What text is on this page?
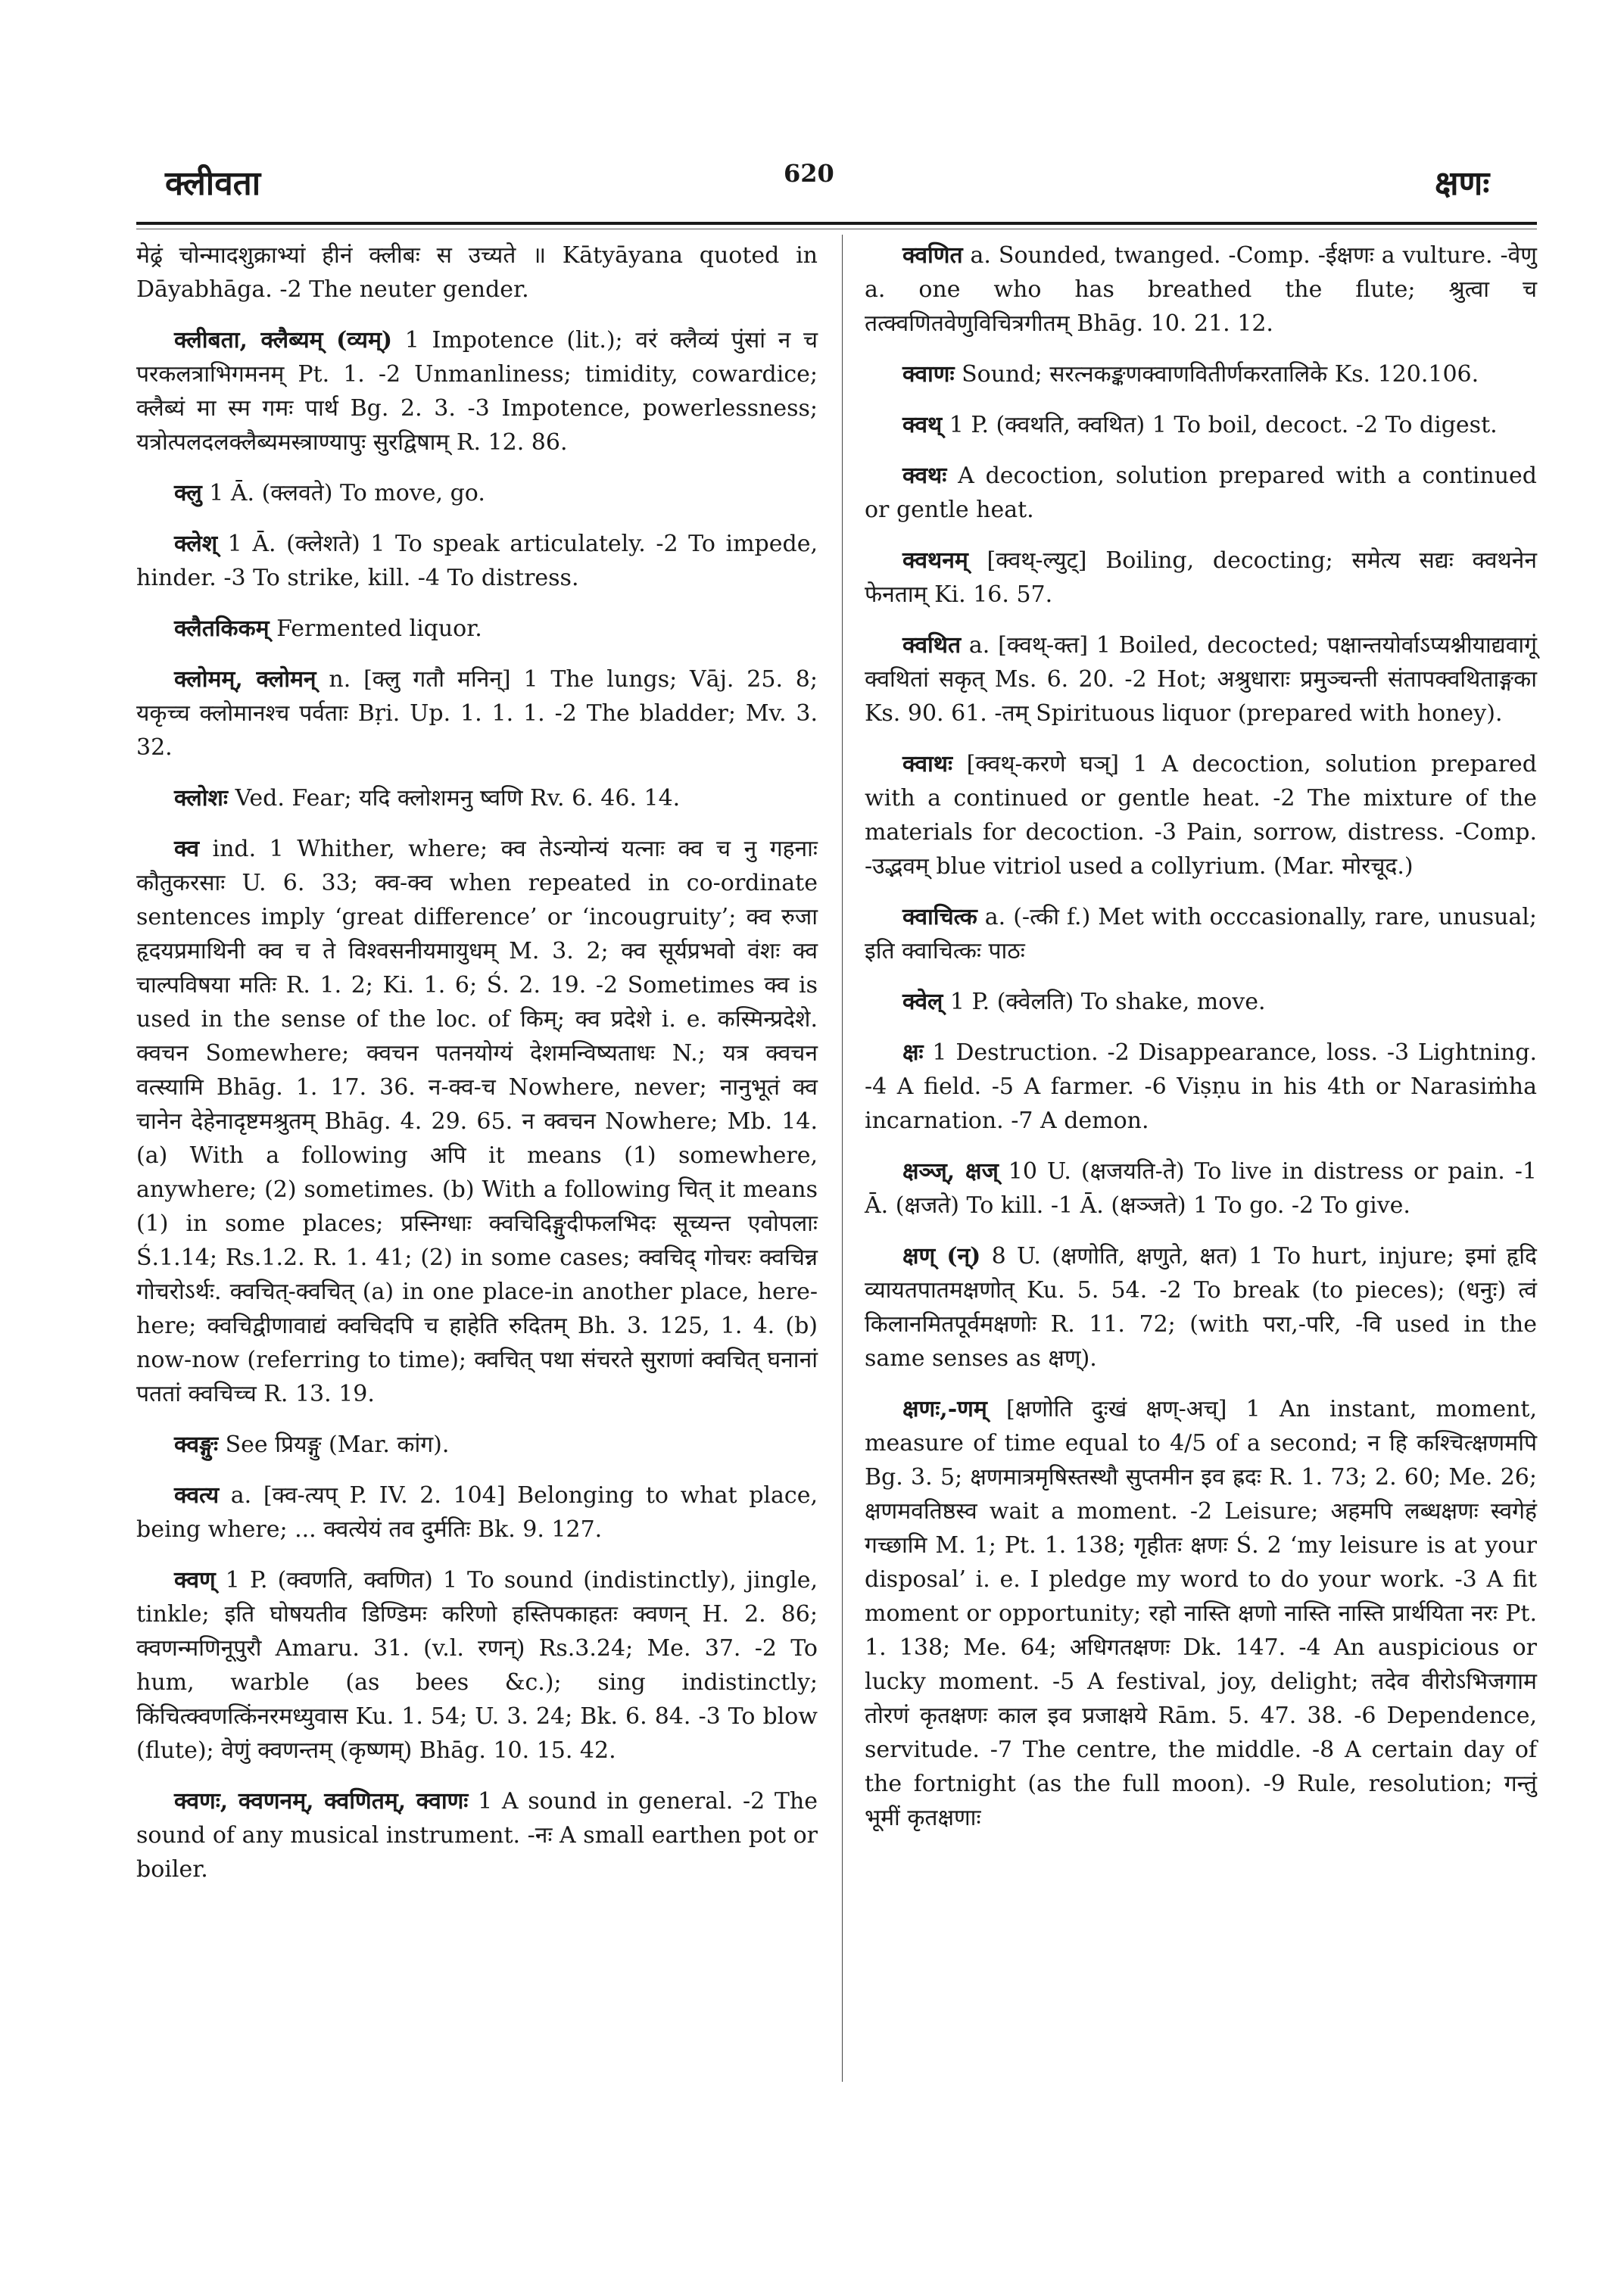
क्लीवता	620	क्षणः

मेढ्रं चोन्मादशुक्राभ्यां हीनं क्लीबः स उच्यते ॥ Kātyāyana quoted in Dāyabhāga. -2 The neuter gender.

क्लीबता, क्लैब्यम् (व्यम्) 1 Impotence (lit.); वरं क्लैव्यं पुंसां न च परकलत्राभिगमनम् Pt. 1. -2 Unmanliness; timidity, cowardice; क्लैब्यं मा स्म गमः पार्थ Bg. 2. 3. -3 Impotence, powerlessness; यत्रोत्पलदलक्लैब्यमस्त्राण्यापुः सुरद्विषाम् R. 12. 86.

क्लु 1 Ā. (क्लवते) To move, go.

क्लेश् 1 Ā. (क्लेशते) 1 To speak articulately. -2 To impede, hinder. -3 To strike, kill. -4 To distress.

क्लैतकिकम् Fermented liquor.

क्लोमम्, क्लोमन् n. [क्लु गतौ मनिन्] 1 The lungs; Vāj. 25. 8; यकृच्च क्लोमानश्च पर्वताः Bṛi. Up. 1. 1. 1. -2 The bladder; Mv. 3. 32.

क्लोशः Ved. Fear; यदि क्लोशमनु ष्वणि Rv. 6. 46. 14.

क्व ind. 1 Whither, where; क्व तेऽन्योन्यं यत्नाः क्व च नु गहनाः कौतुकरसाः U. 6. 33; क्व-क्व when repeated in co-ordinate sentences imply ‘great difference’ or ‘incougruity’; क्व रुजा हृदयप्रमाथिनी क्व च ते विश्वसनीयमायुधम् M. 3. 2; क्व सूर्यप्रभवो वंशः क्व चाल्पविषया मतिः R. 1. 2; Ki. 1. 6; Ś. 2. 19. -2 Sometimes क्व is used in the sense of the loc. of किम्; क्व प्रदेशे i. e. कस्मिन्प्रदेशे. क्वचन Somewhere; क्वचन पतनयोग्यं देशमन्विष्यताधः N.; यत्र क्वचन वत्स्यामि Bhāg. 1. 17. 36. न-क्व-च Nowhere, never; नानुभूतं क्व चानेन देहेनादृष्टमश्रुतम् Bhāg. 4. 29. 65. न क्वचन Nowhere; Mb. 14. (a) With a following अपि it means (1) somewhere, anywhere; (2) sometimes. (b) With a following चित् it means (1) in some places; प्रस्निग्धाः क्वचिदिङ्गुदीफलभिदः सूच्यन्त एवोपलाः Ś.1.14; Rs.1.2. R. 1. 41; (2) in some cases; क्वचिद् गोचरः क्वचिन्न गोचरोऽर्थः. क्वचित्-क्वचित् (a) in one place-in another place, here-here; क्वचिद्वीणावाद्यं क्वचिदपि च हाहेति रुदितम् Bh. 3. 125, 1. 4. (b) now-now (referring to time); क्वचित् पथा संचरते सुराणां क्वचित् घनानां पततां क्वचिच्च R. 13. 19.

क्वङ्गुः See प्रियङ्गु (Mar. कांग).

क्वत्य a. [क्व-त्यप् P. IV. 2. 104] Belonging to what place, being where; ... क्वत्येयं तव दुर्मतिः Bk. 9. 127.

क्वण् 1 P. (क्वणति, क्वणित) 1 To sound (indistinctly), jingle, tinkle; इति घोषयतीव डिण्डिमः करिणो हस्तिपकाहतः क्वणन् H. 2. 86; क्वणन्मणिनूपुरौ Amaru. 31. (v.l. रणन्) Rs.3.24; Me. 37. -2 To hum, warble (as bees &c.); sing indistinctly; किंचित्क्वणत्किंनरमध्युवास Ku. 1. 54; U. 3. 24; Bk. 6. 84. -3 To blow (flute); वेणुं क्वणन्तम् (कृष्णम्) Bhāg. 10. 15. 42.

क्वणः, क्वणनम्, क्वणितम्, क्वाणः 1 A sound in general. -2 The sound of any musical instrument. -नः A small earthen pot or boiler.

क्वणित a. Sounded, twanged. -Comp. -ईक्षणः a vulture. -वेणु a. one who has breathed the flute; श्रुत्वा च तत्क्वणितवेणुविचित्रगीतम् Bhāg. 10. 21. 12.

क्वाणः Sound; सरत्नकङ्कणक्वाणवितीर्णकरतालिके Ks. 120.106.

क्वथ् 1 P. (क्वथति, क्वथित) 1 To boil, decoct. -2 To digest.

क्वथः A decoction, solution prepared with a continued or gentle heat.

क्वथनम् [क्वथ्-ल्युट्] Boiling, decocting; समेत्य सद्यः क्वथनेन फेनताम् Ki. 16. 57.

क्वथित a. [क्वथ्-क्त] 1 Boiled, decocted; पक्षान्तयोर्वाऽप्यश्नीयाद्यवागूं क्वथितां सकृत् Ms. 6. 20. -2 Hot; अश्रुधाराः प्रमुञ्चन्ती संतापक्वथिताङ्गका Ks. 90. 61. -तम् Spirituous liquor (prepared with honey).

क्वाथः [क्वथ्-करणे घञ्] 1 A decoction, solution prepared with a continued or gentle heat. -2 The mixture of the materials for decoction. -3 Pain, sorrow, distress. -Comp. -उद्भवम् blue vitriol used a collyrium. (Mar. मोरचूद.)

क्वाचित्क a. (-त्की f.) Met with occcasionally, rare, unusual; इति क्वाचित्कः पाठः

क्वेल् 1 P. (क्वेलति) To shake, move.

क्षः 1 Destruction. -2 Disappearance, loss. -3 Lightning. -4 A field. -5 A farmer. -6 Viṣṇu in his 4th or Narasiṁha incarnation. -7 A demon.

क्षञ्ज्, क्षज् 10 U. (क्षजयति-ते) To live in distress or pain. -1 Ā. (क्षजते) To kill. -1 Ā. (क्षञ्जते) 1 To go. -2 To give.

क्षण् (न्) 8 U. (क्षणोति, क्षणुते, क्षत) 1 To hurt, injure; इमां हृदि व्यायतपातमक्षणोत् Ku. 5. 54. -2 To break (to pieces); (धनुः) त्वं किलानमितपूर्वमक्षणोः R. 11. 72; (with परा,-परि, -वि used in the same senses as क्षण्).

क्षणः,-णम् [क्षणोति दुःखं क्षण्-अच्] 1 An instant, moment, measure of time equal to 4/5 of a second; न हि कश्चित्क्षणमपि Bg. 3. 5; क्षणमात्रमृषिस्तस्थौ सुप्तमीन इव ह्रदः R. 1. 73; 2. 60; Me. 26; क्षणमवतिष्ठस्व wait a moment. -2 Leisure; अहमपि लब्धक्षणः स्वगेहं गच्छामि M. 1; Pt. 1. 138; गृहीतः क्षणः Ś. 2 ‘my leisure is at your disposal’ i. e. I pledge my word to do your work. -3 A fit moment or opportunity; रहो नास्ति क्षणो नास्ति नास्ति प्रार्थयिता नरः Pt. 1. 138; Me. 64; अधिगतक्षणः Dk. 147. -4 An auspicious or lucky moment. -5 A festival, joy, delight; तदेव वीरोऽभिजगाम तोरणं कृतक्षणः काल इव प्रजाक्षये Rām. 5. 47. 38. -6 Dependence, servitude. -7 The centre, the middle. -8 A certain day of the fortnight (as the full moon). -9 Rule, resolution; गन्तुं भूमीं कृतक्षणाः
